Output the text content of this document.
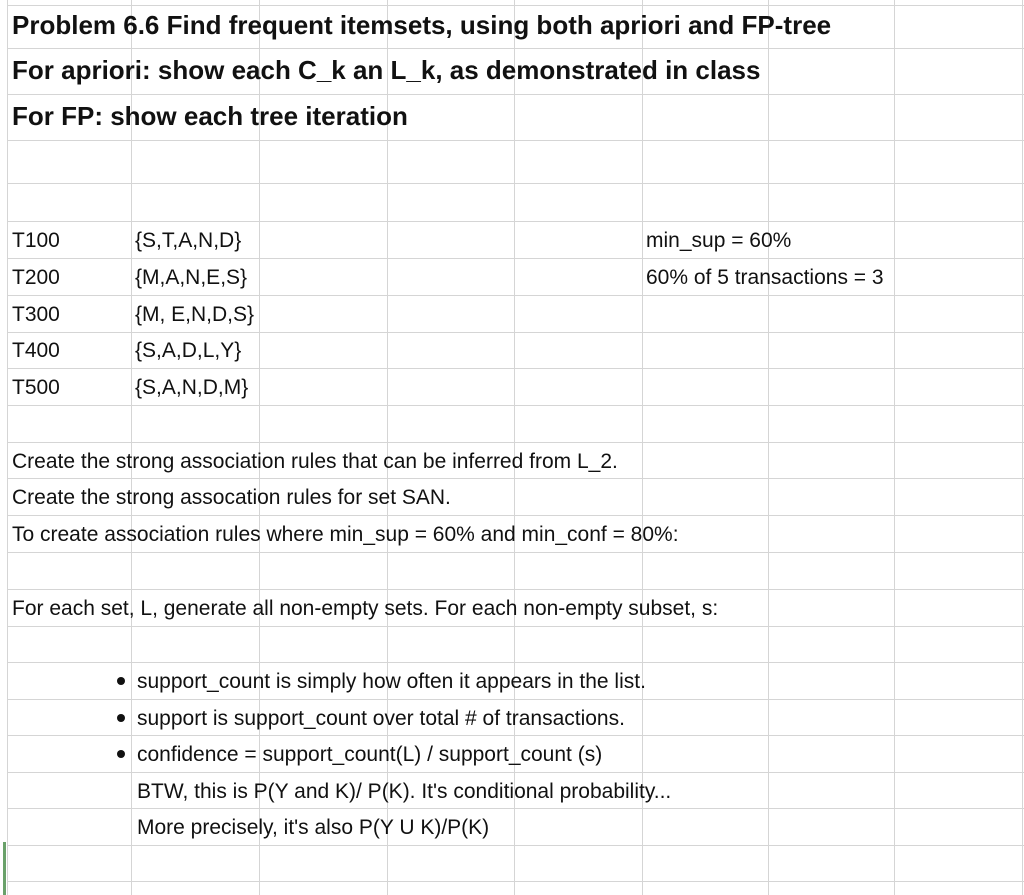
Problem 6.6 Find frequent itemsets, using both apriori and FP-tree
For apriori: show each C_k an L_k, as demonstrated in class
For FP: show each tree iteration
T100	{S,T,A,N,D}
T200	{M,A,N,E,S}
T300	{M, E,N,D,S}
T400	{S,A,D,L,Y}
T500	{S,A,N,D,M}
min_sup = 60%
60% of 5 transactions = 3
Create the strong association rules that can be inferred from L_2.
Create the strong assocation rules for set SAN.
To create association rules where min_sup = 60% and min_conf = 80%:
For each set, L, generate all non-empty sets. For each non-empty subset, s:
support_count is simply how often it appears in the list.
support is support_count over total # of transactions.
confidence = support_count(L) / support_count (s)
BTW, this is P(Y and K)/ P(K). It's conditional probability...
More precisely, it's also P(Y U K)/P(K)
